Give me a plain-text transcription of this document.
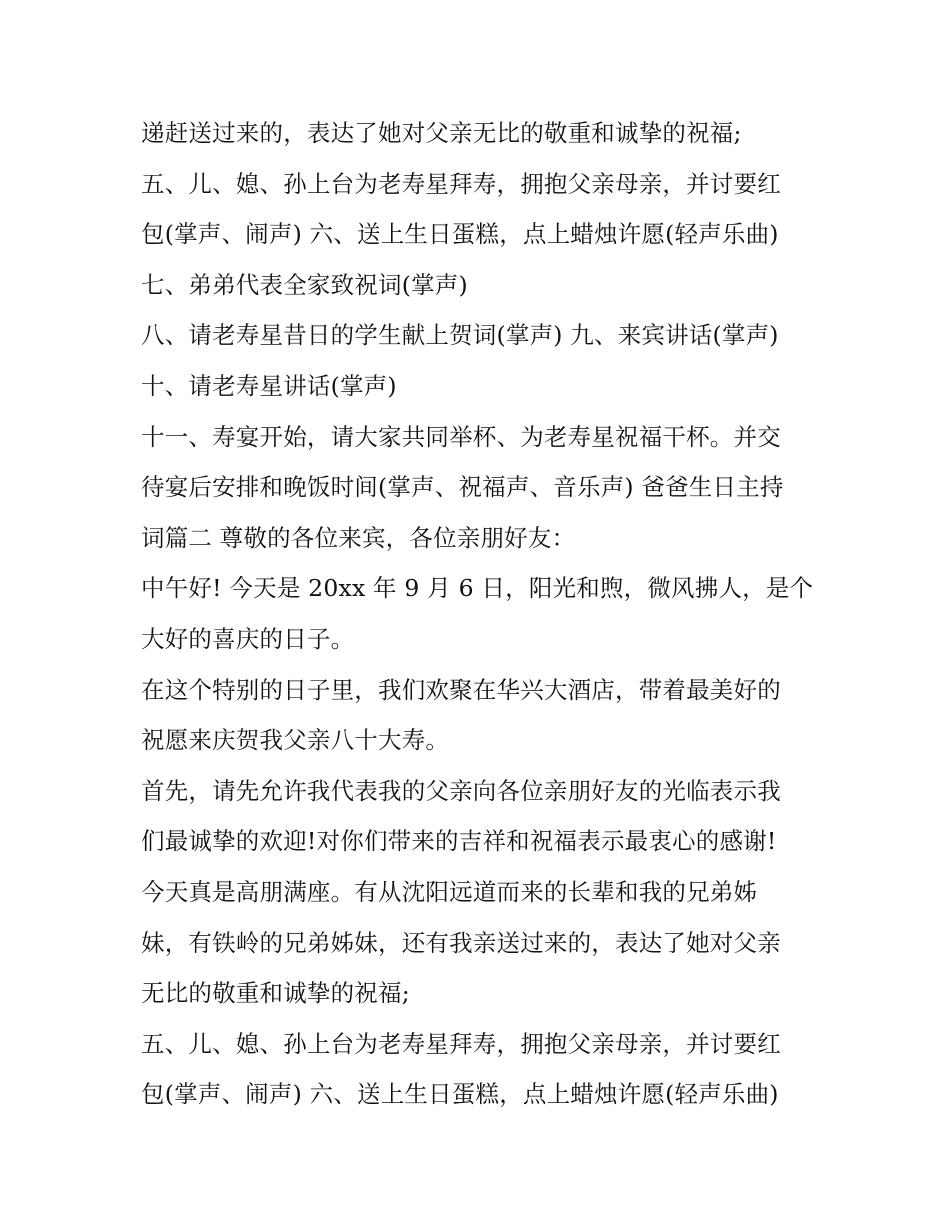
递赶送过来的，表达了她对父亲无比的敬重和诚挚的祝福;
五、儿、媳、孙上台为老寿星拜寿，拥抱父亲母亲，并讨要红
包(掌声、闹声) 六、送上生日蛋糕，点上蜡烛许愿(轻声乐曲)
七、弟弟代表全家致祝词(掌声)
八、请老寿星昔日的学生献上贺词(掌声) 九、来宾讲话(掌声)
十、请老寿星讲话(掌声)
十一、寿宴开始，请大家共同举杯、为老寿星祝福干杯。并交
待宴后安排和晚饭时间(掌声、祝福声、音乐声) 爸爸生日主持
词篇二 尊敬的各位来宾，各位亲朋好友：
中午好! 今天是 20xx 年 9 月 6 日，阳光和煦，微风拂人，是个
大好的喜庆的日子。
在这个特别的日子里，我们欢聚在华兴大酒店，带着最美好的
祝愿来庆贺我父亲八十大寿。
首先，请先允许我代表我的父亲向各位亲朋好友的光临表示我
们最诚挚的欢迎!对你们带来的吉祥和祝福表示最衷心的感谢!
今天真是高朋满座。有从沈阳远道而来的长辈和我的兄弟姊
妹，有铁岭的兄弟姊妹，还有我亲送过来的，表达了她对父亲
无比的敬重和诚挚的祝福;
五、儿、媳、孙上台为老寿星拜寿，拥抱父亲母亲，并讨要红
包(掌声、闹声) 六、送上生日蛋糕，点上蜡烛许愿(轻声乐曲)
